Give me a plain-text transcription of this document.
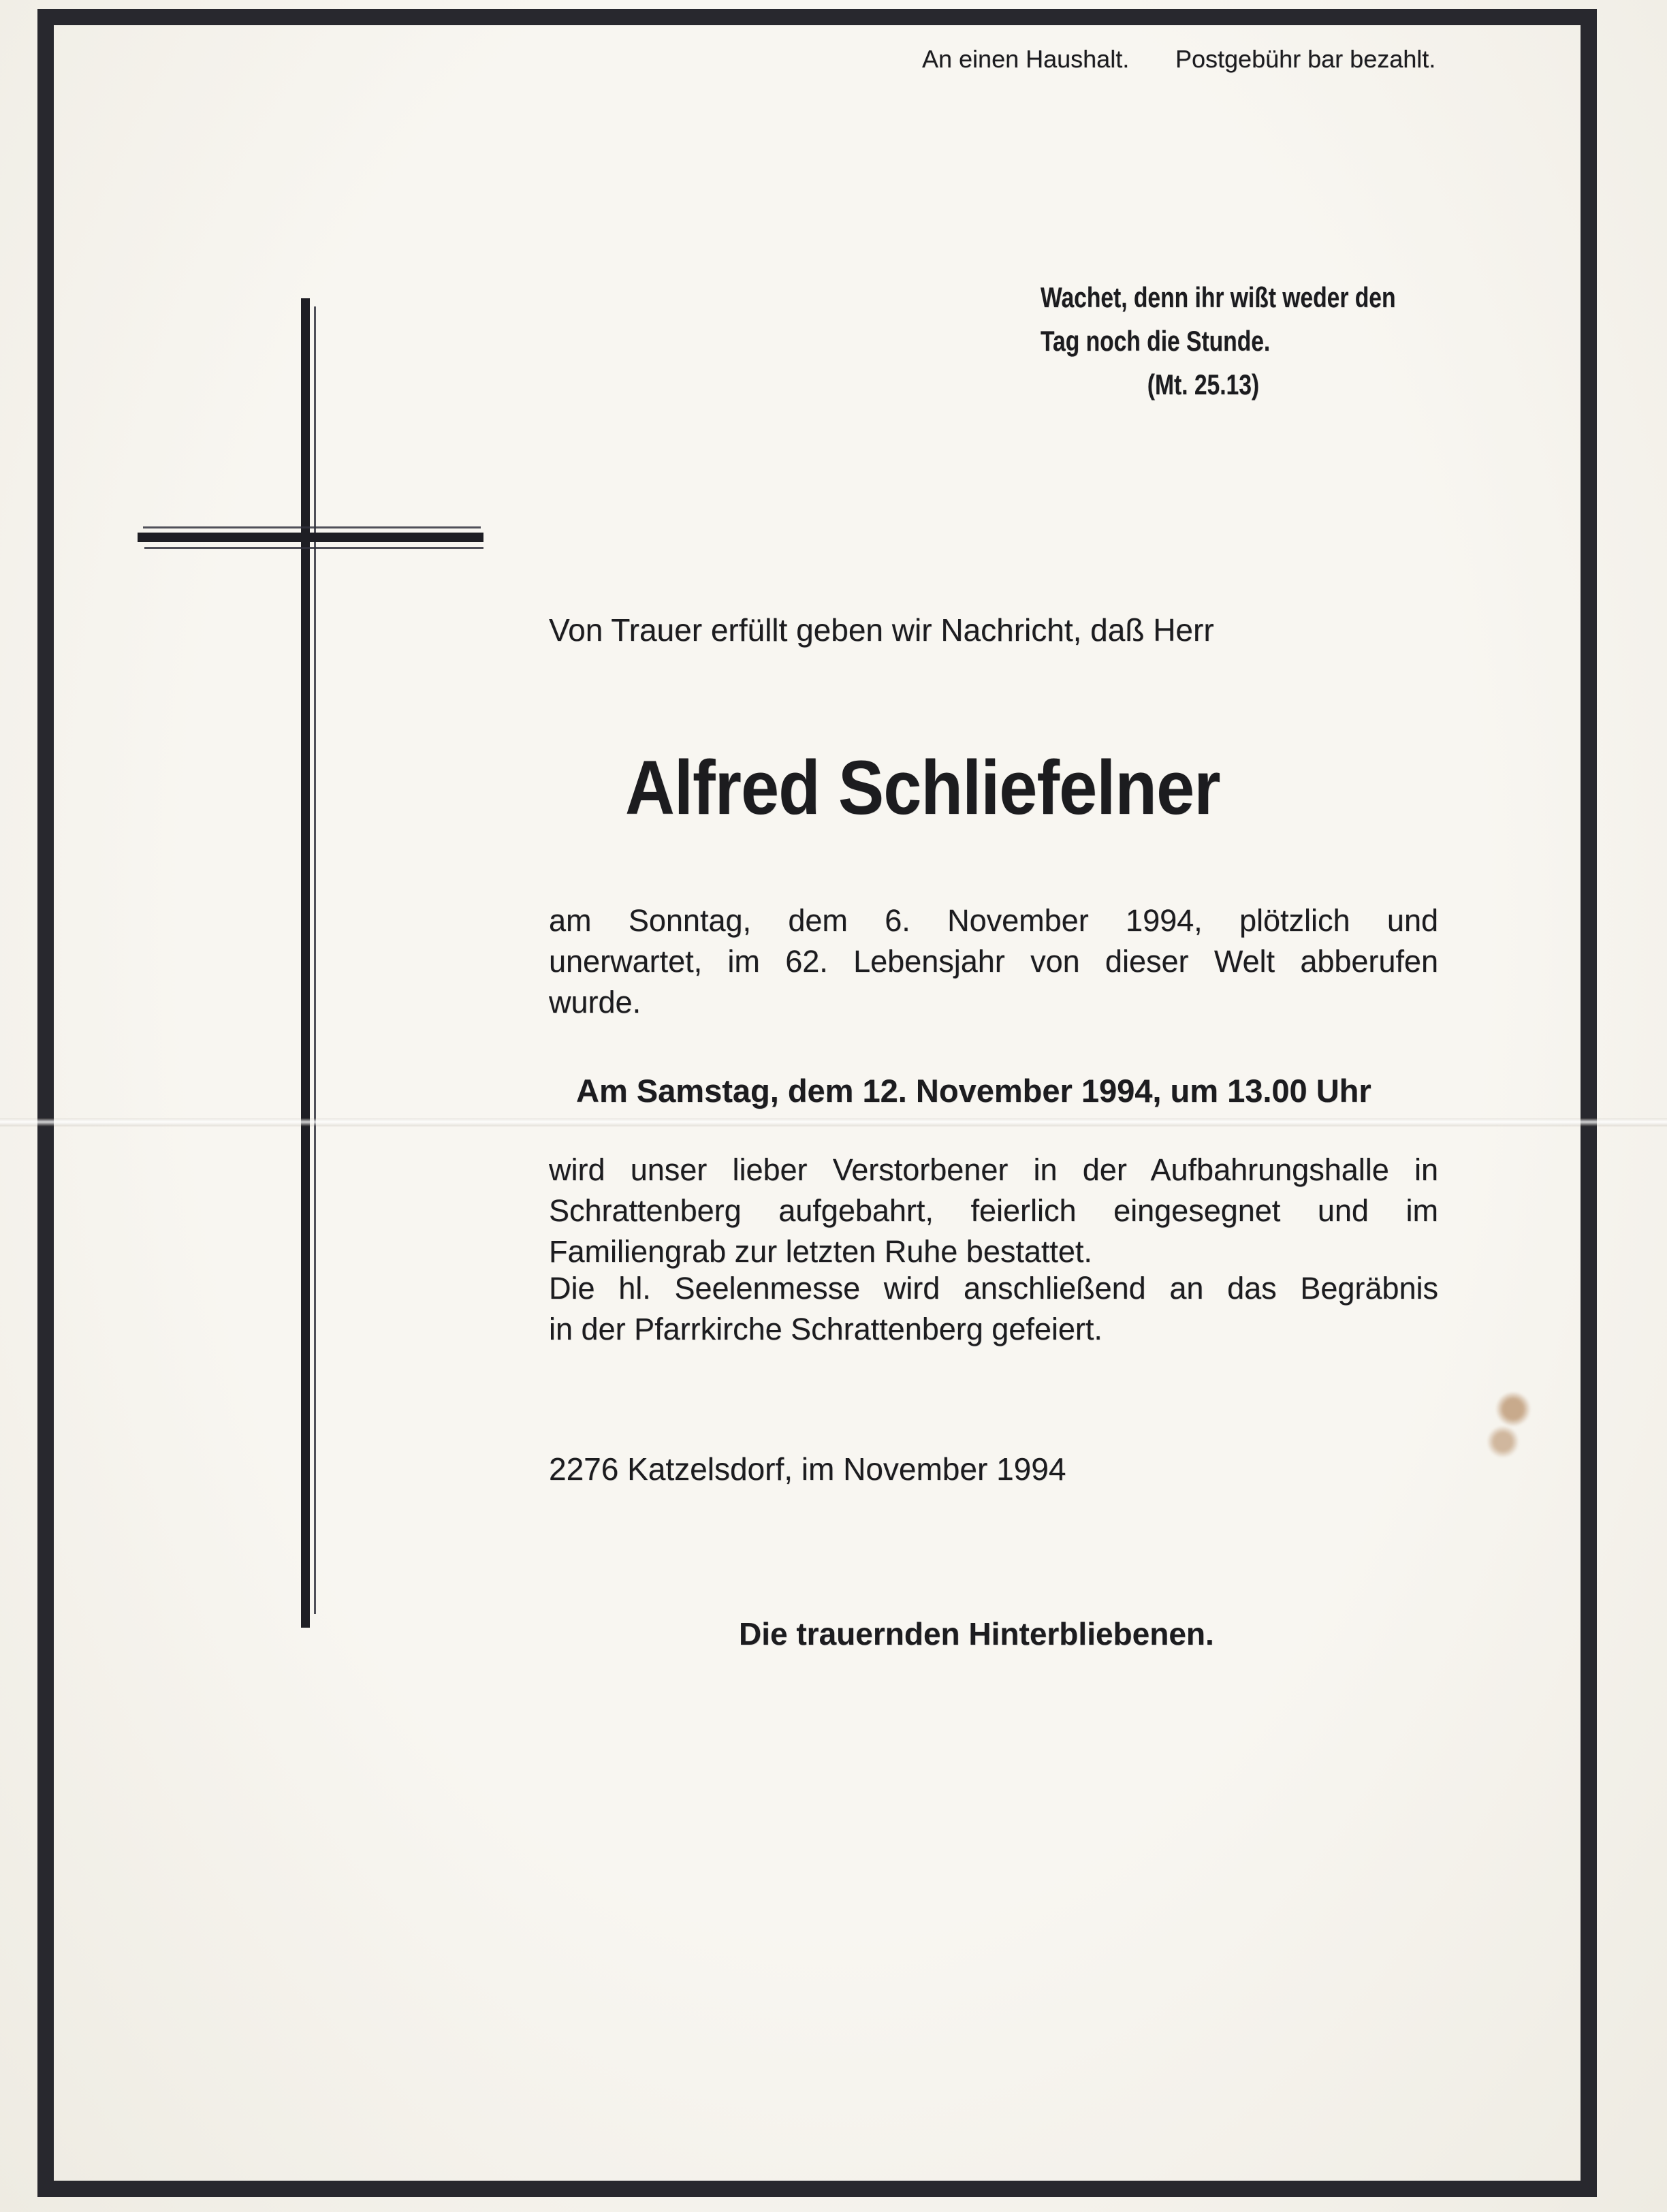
An einen Haushalt. Postgebühr bar bezahlt.
Wachet, denn ihr wißt weder den
Tag noch die Stunde.
(Mt. 25.13)
Von Trauer erfüllt geben wir Nachricht, daß Herr
Alfred Schliefelner
am Sonntag, dem 6. November 1994, plötzlich und
unerwartet, im 62. Lebensjahr von dieser Welt abberufen
wurde.
Am Samstag, dem 12. November 1994, um 13.00 Uhr
wird unser lieber Verstorbener in der Aufbahrungshalle in
Schrattenberg aufgebahrt, feierlich eingesegnet und im
Familiengrab zur letzten Ruhe bestattet.
Die hl. Seelenmesse wird anschließend an das Begräbnis
in der Pfarrkirche Schrattenberg gefeiert.
2276 Katzelsdorf, im November 1994
Die trauernden Hinterbliebenen.
